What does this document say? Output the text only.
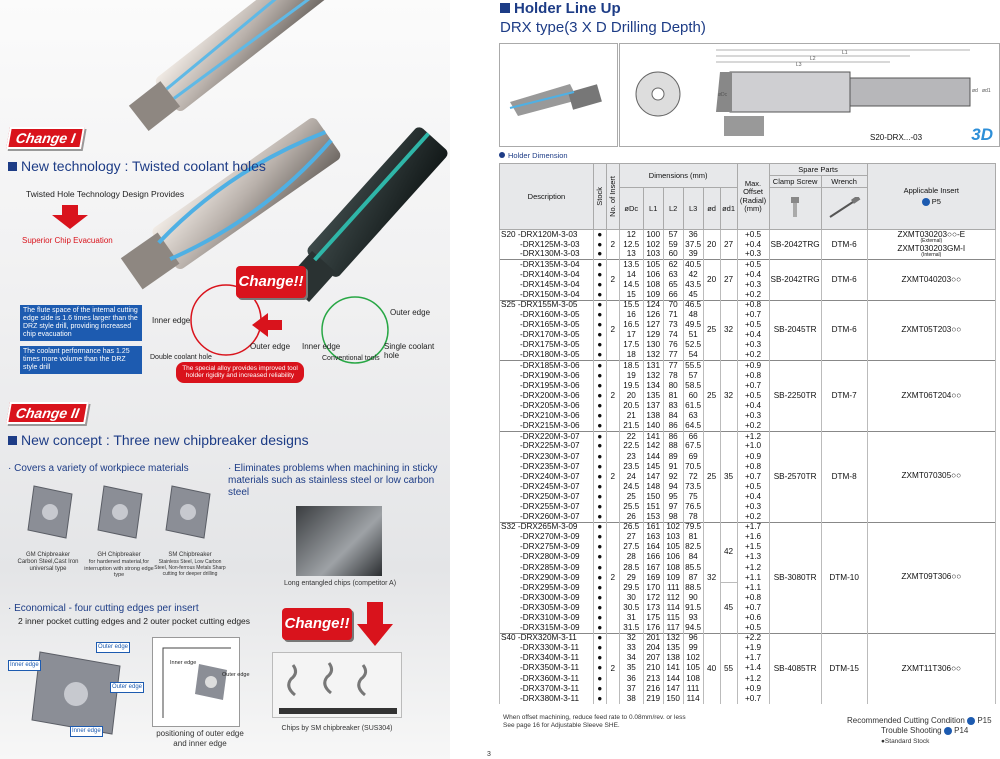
Change I
New technology : Twisted coolant holes
Twisted Hole Technology Design Provides
Superior Chip Evacuation
Change!!
The flute space of the internal cutting edge side is 1.6 times larger than the DRZ style drill, providing increased chip evacuation
The coolant performance has 1.25 times more volume than the DRZ style drill
Inner edge
Outer edge
Double coolant hole
Inner edge
Outer edge
Single coolant hole
Conventional tools
The special alloy provides improved tool holder rigidity and increased reliability
Change II
New concept : Three new chipbreaker designs
· Covers a variety of workpiece materials	· Eliminates problems when machining in sticky materials such as stainless steel or low carbon steel
GM Chipbreaker
Carbon Steel,Cast Iron universal type
GH Chipbreaker
for hardened material,for interruption with strong edge type
SM Chipbreaker
Stainless Steel, Low Carbon Steel, Non-ferrous Metals Sharp cutting for deeper drilling
Long entangled chips (competitor A)
· Economical - four cutting edges per insert
2 inner pocket cutting edges and 2 outer pocket cutting edges	Change!!
Inner edge
Outer edge
Outer edge
Inner edge
Inner edge
Outer edge
positioning of outer edge and inner edge
Chips by SM chipbreaker (SUS304)
Holder Line Up
DRX type(3 X D Drilling Depth)
S20-DRX...-03
L1
L2
L3
øDc
ød ød1
3D
Holder Dimension
Description	Stock	No. of Insert	Dimensions (mm)						Max. Offset (Radial) (mm)	Spare Parts		Applicable Insert
P5

										Clamp Screw	Wrench	
			øDc	L1	L2	L3	ød	ød1		
S20 -DRX120M-3-03	●	2	12	100	57	36	20	27	+0.5	SB-2042TRG	DTM-6	ZXMT030203○○-E
(External)
ZXMT030203GM-I
(Internal)

-DRX125M-3-03	●		12.5	102	59	37.5			+0.4			
-DRX130M-3-03	●		13	103	60	39			+0.3			
-DRX135M-3-04	●	2	13.5	105	62	40.5	20	27	+0.5	SB-2042TRG	DTM-6	ZXMT040203○○

-DRX140M-3-04	●		14	106	63	42			+0.4			
-DRX145M-3-04	●		14.5	108	65	43.5			+0.3			
-DRX150M-3-04	●		15	109	66	45			+0.2			
S25 -DRX155M-3-05	●	2	15.5	124	70	46.5	25	32	+0.8	SB-2045TR	DTM-6	ZXMT05T203○○

-DRX160M-3-05	●		16	126	71	48			+0.7			
-DRX165M-3-05	●		16.5	127	73	49.5			+0.5			
-DRX170M-3-05	●		17	129	74	51			+0.4			
-DRX175M-3-05	●		17.5	130	76	52.5			+0.3			
-DRX180M-3-05	●		18	132	77	54			+0.2			
-DRX185M-3-06	●	2	18.5	131	77	55.5	25	32	+0.9	SB-2250TR	DTM-7	ZXMT06T204○○

-DRX190M-3-06	●		19	132	78	57			+0.8			
-DRX195M-3-06	●		19.5	134	80	58.5			+0.7			
-DRX200M-3-06	●		20	135	81	60			+0.5			
-DRX205M-3-06	●		20.5	137	83	61.5			+0.4			
-DRX210M-3-06	●		21	138	84	63			+0.3			
-DRX215M-3-06	●		21.5	140	86	64.5			+0.2			
-DRX220M-3-07	●	2	22	141	86	66	25	35	+1.2	SB-2570TR	DTM-8	ZXMT070305○○

-DRX225M-3-07	●		22.5	142	88	67.5			+1.0			
-DRX230M-3-07	●		23	144	89	69			+0.9			
-DRX235M-3-07	●		23.5	145	91	70.5			+0.8			
-DRX240M-3-07	●		24	147	92	72			+0.7			
-DRX245M-3-07	●		24.5	148	94	73.5			+0.5			
-DRX250M-3-07	●		25	150	95	75			+0.4			
-DRX255M-3-07	●		25.5	151	97	76.5			+0.3			
-DRX260M-3-07	●		26	153	98	78			+0.2			
S32 -DRX265M-3-09	●	2	26.5	161	102	79.5	32	42	+1.7	SB-3080TR	DTM-10	ZXMT09T306○○

-DRX270M-3-09	●		27	163	103	81			+1.6			
-DRX275M-3-09	●		27.5	164	105	82.5			+1.5			
-DRX280M-3-09	●		28	166	106	84			+1.3			
-DRX285M-3-09	●		28.5	167	108	85.5			+1.2			
-DRX290M-3-09	●		29	169	109	87			+1.1			
-DRX295M-3-09	●		29.5	170	111	88.5		45	+1.1			
-DRX300M-3-09	●		30	172	112	90			+0.8			
-DRX305M-3-09	●		30.5	173	114	91.5			+0.7			
-DRX310M-3-09	●		31	175	115	93			+0.6			
-DRX315M-3-09	●		31.5	176	117	94.5			+0.5			
S40 -DRX320M-3-11	●	2	32	201	132	96	40	55	+2.2	SB-4085TR	DTM-15	ZXMT11T306○○

-DRX330M-3-11	●		33	204	135	99			+1.9			
-DRX340M-3-11	●		34	207	138	102			+1.7			
-DRX350M-3-11	●		35	210	141	105			+1.4			
-DRX360M-3-11	●		36	213	144	108			+1.2			
-DRX370M-3-11	●		37	216	147	111			+0.9			
-DRX380M-3-11	●		38	219	150	114			+0.7			
When offset machining, reduce feed rate to 0.08mm/rev. or less
See page 16 for Adjustable Sleeve SHE.
Recommended Cutting Condition P15
Trouble Shooting P14
●Standard Stock
3
